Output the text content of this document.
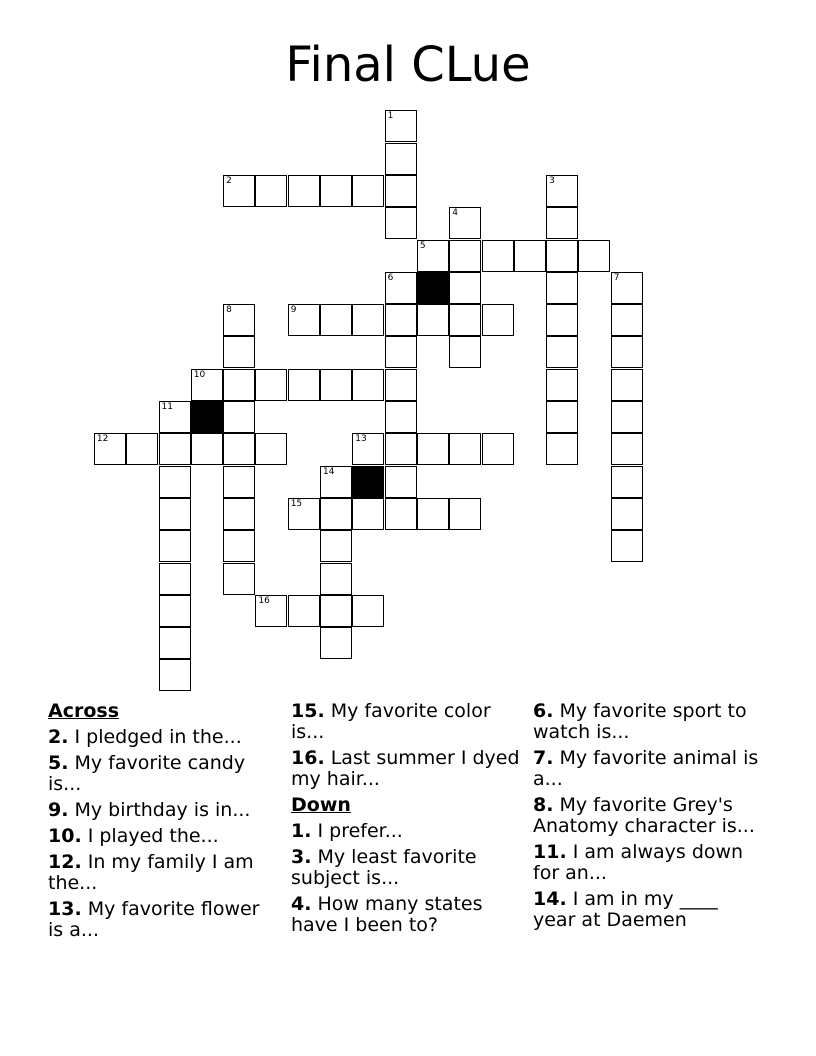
Final CLue
1
2	3
4
5
6	7
8	9
10
11
12	13
14
15
16
Across
2. I pledged in the...
5. My favorite candy is...
9. My birthday is in...
10. I played the...
12. In my family I am the...
13. My favorite flower is a...
15. My favorite color is...
16. Last summer I dyed my hair...
Down
1. I prefer...
3. My least favorite subject is...
4. How many states have I been to?
6. My favorite sport to watch is...
7. My favorite animal is a...
8. My favorite Grey's Anatomy character is...
11. I am always down for an...
14. I am in my ____ year at Daemen
